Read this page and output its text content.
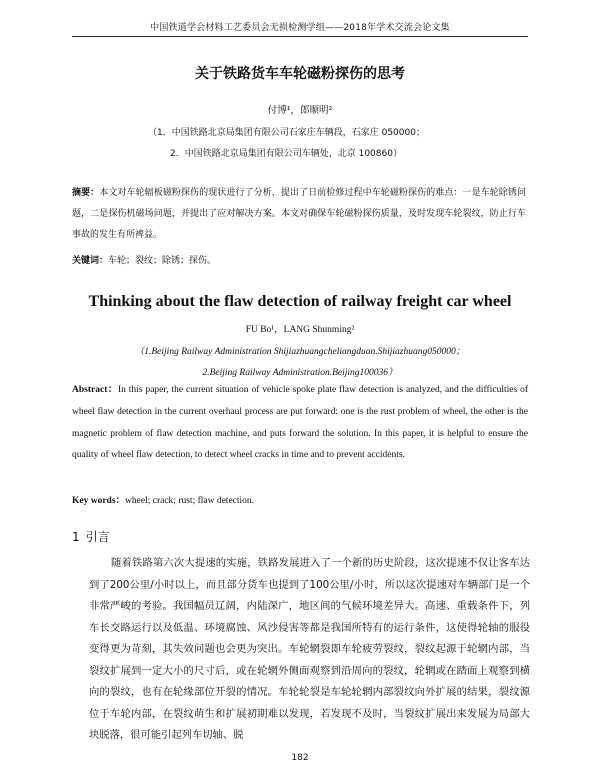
中国铁道学会材料工艺委员会无损检测学组——2018年学术交流会论文集
关于铁路货车车轮磁粉探伤的思考
付博¹，郎顺明²
（1．中国铁路北京局集团有限公司石家庄车辆段，石家庄 050000；
2．中国铁路北京局集团有限公司车辆处，北京 100860）
摘要：本文对车轮辐板磁粉探伤的现状进行了分析，提出了日前检修过程中车轮磁粉探伤的难点：一是车轮除锈问题，二是探伤机磁场问题，并提出了应对解决方案。本文对确保车轮磁粉探伤质量，及时发现车轮裂纹，防止行车事故的发生有所裨益。
关键词：车轮；裂纹；除锈；探伤。
Thinking about the flaw detection of railway freight car wheel
FU Bo¹，LANG Shunming²
（1.Beijing Railway Administration Shijiazhuangcheliangduan.Shijiazhuang050000；
2.Beijing Railway Administration.Beijing100036）
Abstract：In this paper, the current situation of vehicle spoke plate flaw detection is analyzed, and the difficulties of wheel flaw detection in the current overhaul process are put forward: one is the rust problem of wheel, the other is the magnetic problem of flaw detection machine, and puts forward the solution. In this paper, it is helpful to ensure the quality of wheel flaw detection, to detect wheel cracks in time and to prevent accidents.
Key words：wheel; crack; rust; flaw detection.
1 引言
随着铁路第六次大提速的实施，铁路发展进入了一个新的历史阶段，这次提速不仅让客车达到了200公里/小时以上，而且部分货车也提到了100公里/小时，所以这次提速对车辆部门是一个非常严峻的考验。我国幅员辽阔，内陆深广，地区间的气候环境差异大。高速、重载条件下，列车长交路运行以及低温、环境腐蚀、风沙侵害等都是我国所特有的运行条件，这使得轮轴的服役变得更为苛刻，其失效问题也会更为突出。车轮辋裂即车轮疲劳裂纹，裂纹起源于轮辋内部，当裂纹扩展到一定大小的尺寸后，或在轮辋外侧面观察到沿周向的裂纹，轮辋或在踏面上观察到横向的裂纹，也有在轮缘部位开裂的情况。车轮轮裂是车轮轮辋内部裂纹向外扩展的结果，裂纹源位于车轮内部，在裂纹萌生和扩展初期难以发现，若发现不及时，当裂纹扩展出来发展为局部大块脱落，很可能引起列车切轴、脱
182
